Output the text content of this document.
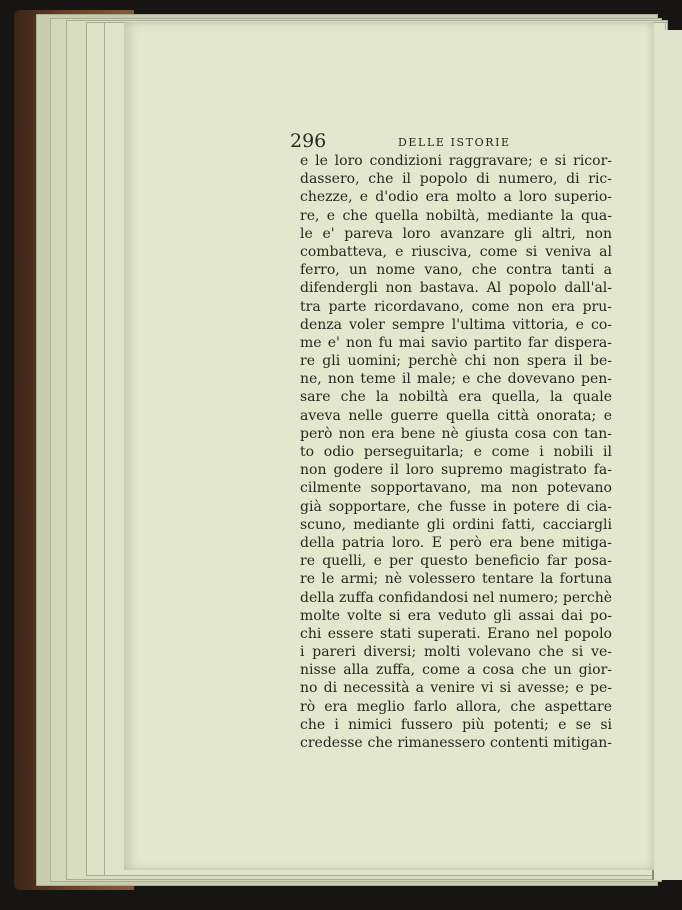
296	DELLE ISTORIE
e le loro condizioni raggravare; e si ricor-
dassero, che il popolo di numero, di ric-
chezze, e d'odio era molto a loro superio-
re, e che quella nobiltà, mediante la qua-
le e' pareva loro avanzare gli altri, non
combatteva, e riusciva, come si veniva al
ferro, un nome vano, che contra tanti a
difendergli non bastava. Al popolo dall'al-
tra parte ricordavano, come non era pru-
denza voler sempre l'ultima vittoria, e co-
me e' non fu mai savio partito far dispera-
re gli uomini; perchè chi non spera il be-
ne, non teme il male; e che dovevano pen-
sare che la nobiltà era quella, la quale
aveva nelle guerre quella città onorata; e
però non era bene nè giusta cosa con tan-
to odio perseguitarla; e come i nobili il
non godere il loro supremo magistrato fa-
cilmente sopportavano, ma non potevano
già sopportare, che fusse in potere di cia-
scuno, mediante gli ordini fatti, cacciargli
della patria loro. E però era bene mitiga-
re quelli, e per questo beneficio far posa-
re le armi; nè volessero tentare la fortuna
della zuffa confidandosi nel numero; perchè
molte volte si era veduto gli assai dai po-
chi essere stati superati. Erano nel popolo
i pareri diversi; molti volevano che si ve-
nisse alla zuffa, come a cosa che un gior-
no di necessità a venire vi si avesse; e pe-
rò era meglio farlo allora, che aspettare
che i nimici fussero più potenti; e se si
credesse che rimanessero contenti mitigan-
